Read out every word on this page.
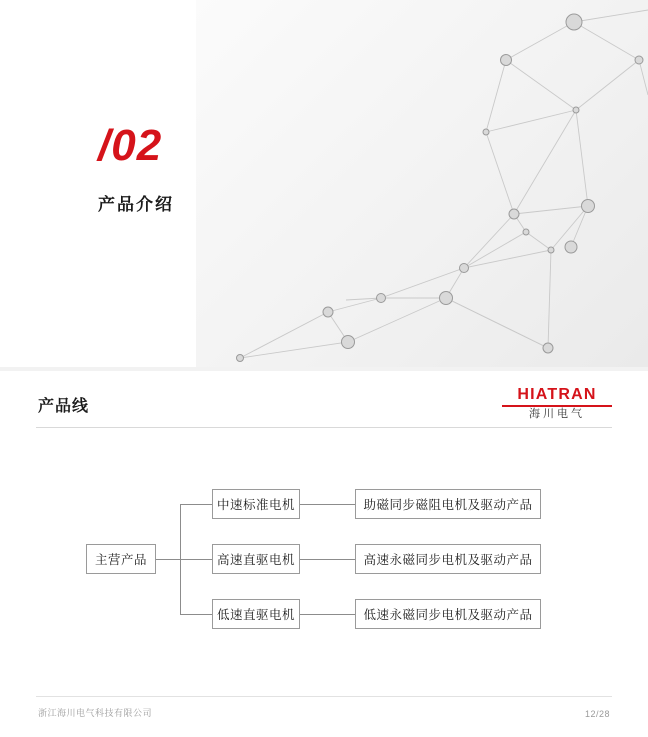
/02
产品介绍
产品线
HIATRAN
海川电气
主营产品
中速标准电机
高速直驱电机
低速直驱电机
助磁同步磁阻电机及驱动产品
高速永磁同步电机及驱动产品
低速永磁同步电机及驱动产品
浙江海川电气科技有限公司	12/28
